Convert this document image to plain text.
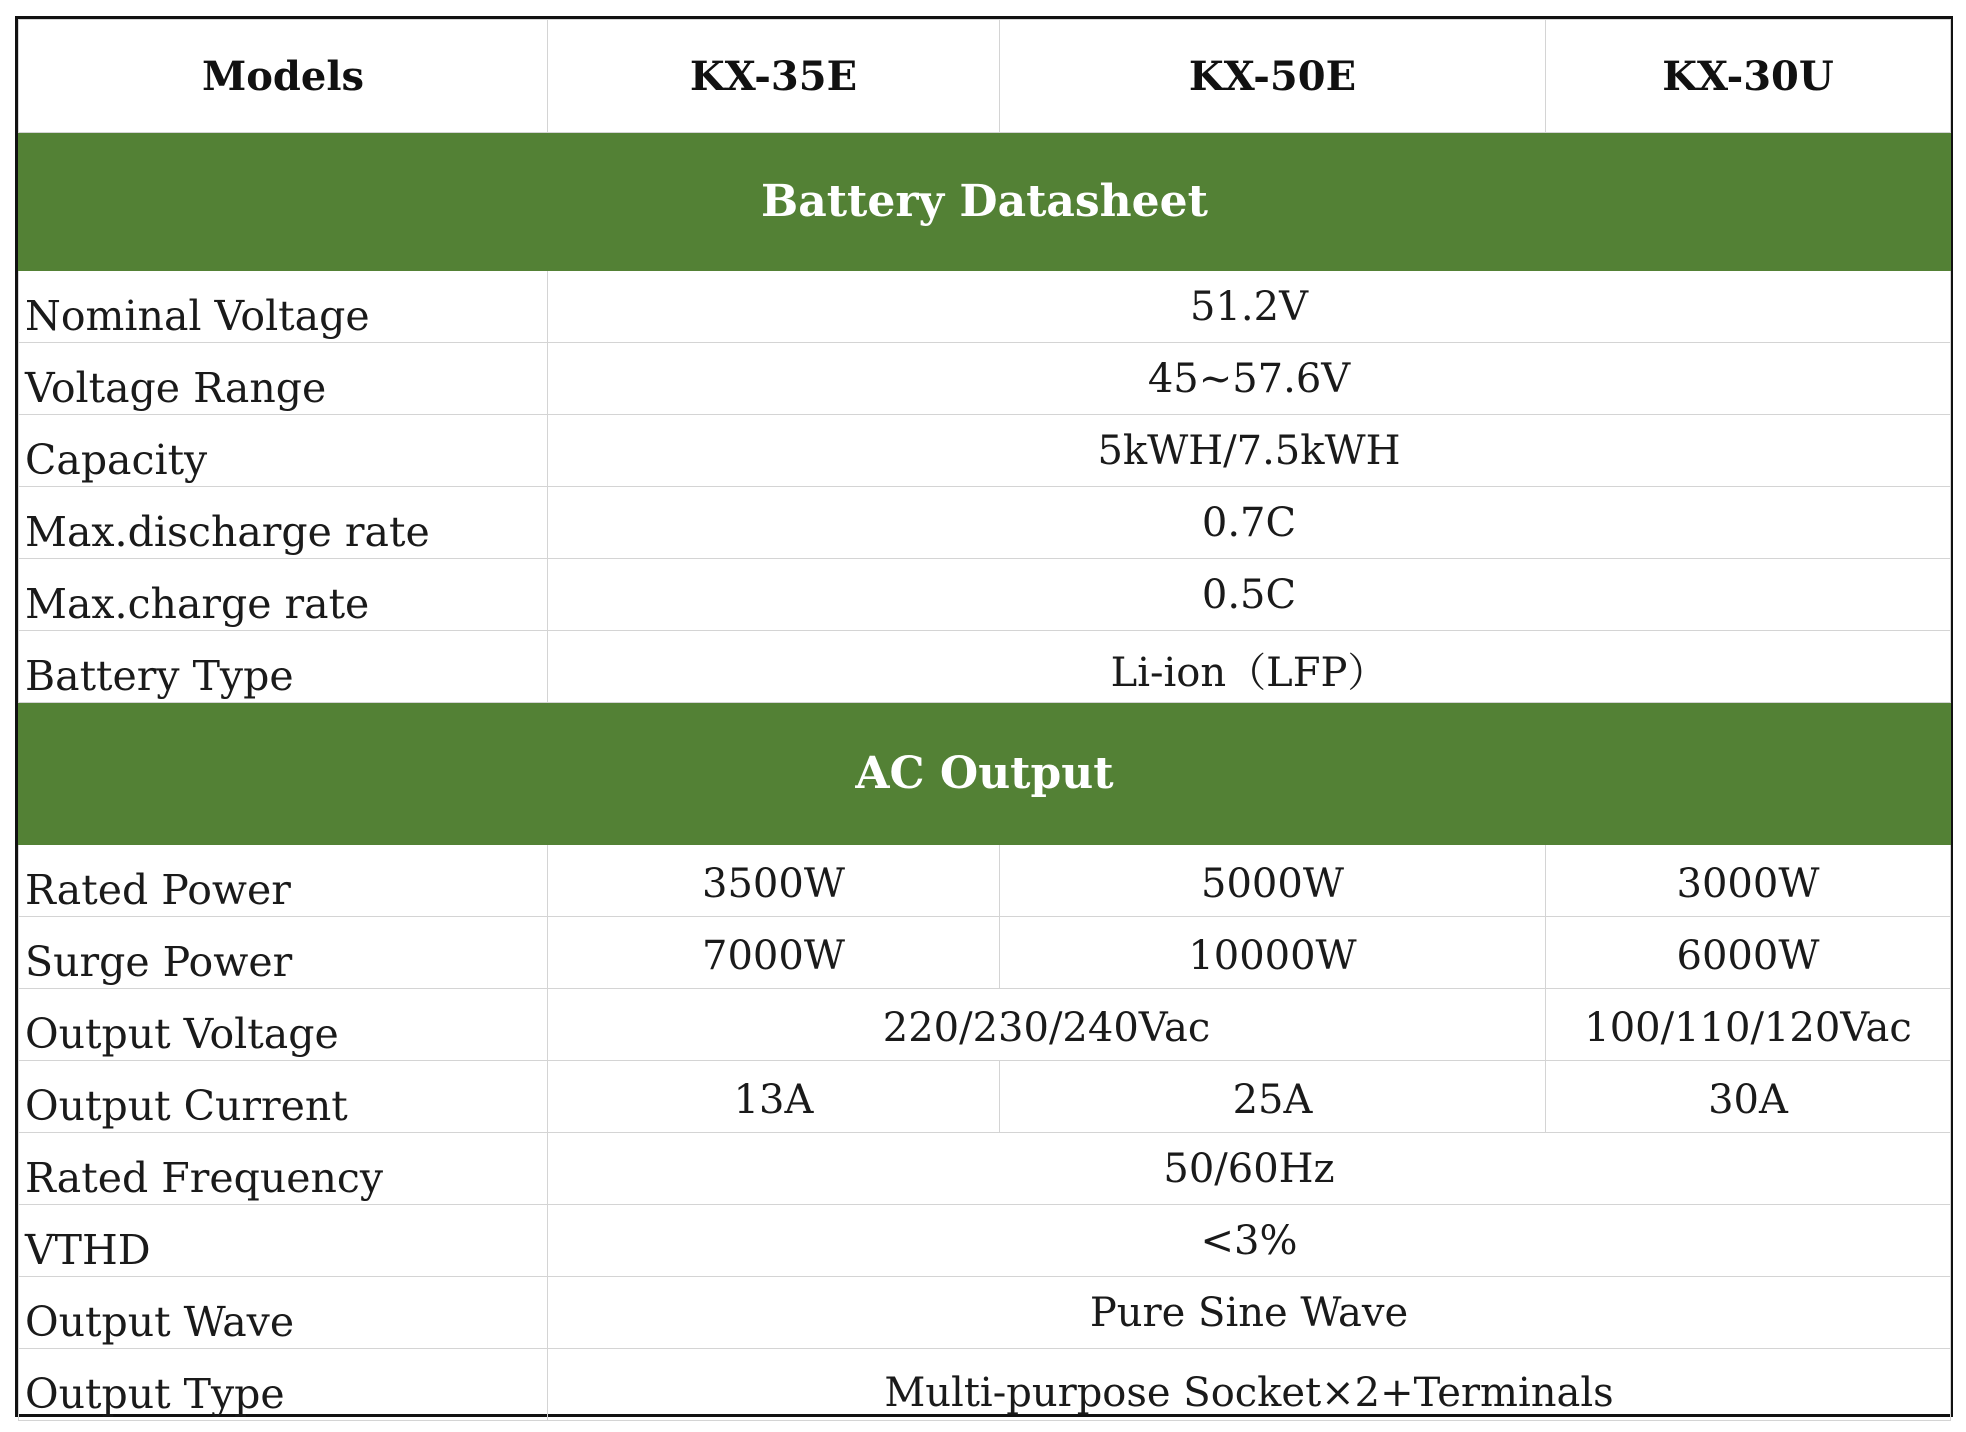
Models	KX-35E	KX-50E	KX-30U
Battery Datasheet			
Nominal Voltage	51.2V		
Voltage Range	45~57.6V		
Capacity	5kWH/7.5kWH		
Max.discharge rate	0.7C		
Max.charge rate	0.5C		
Battery Type	Li-ion（LFP）		
AC Output			
Rated Power	3500W	5000W	3000W
Surge Power	7000W	10000W	6000W
Output Voltage	220/230/240Vac		100/110/120Vac
Output Current	13A	25A	30A
Rated Frequency	50/60Hz		
VTHD	<3%		
Output Wave	Pure Sine Wave		
Output Type	Multi-purpose Socket×2+Terminals		
